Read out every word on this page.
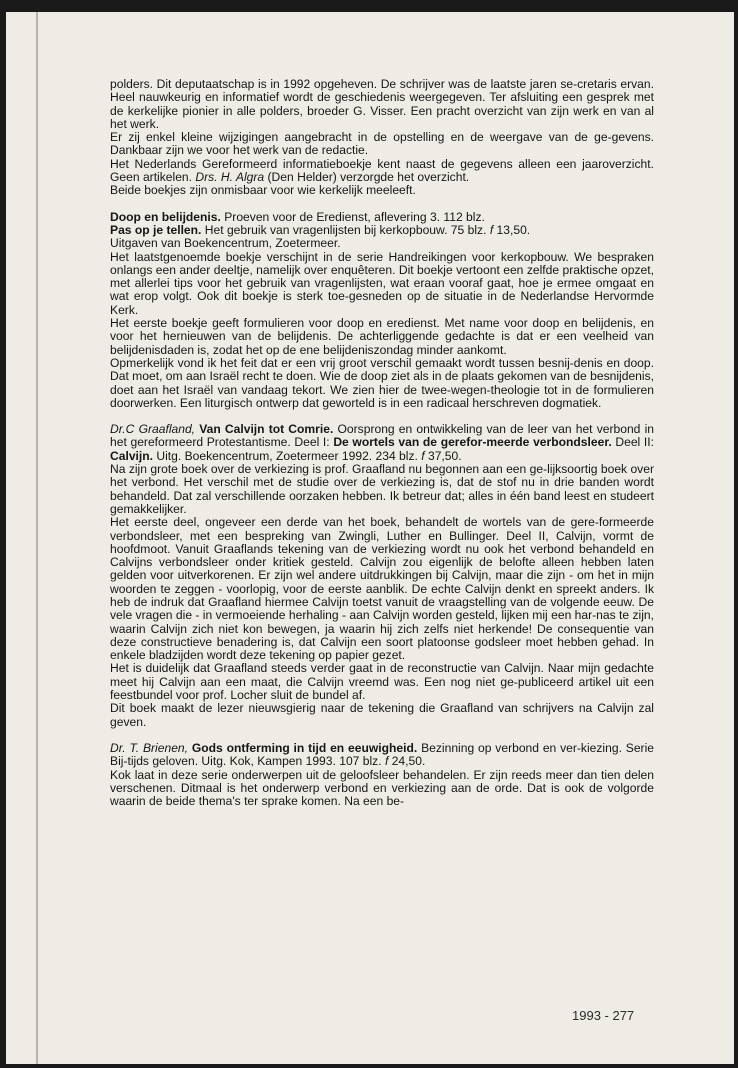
polders. Dit deputaatschap is in 1992 opgeheven. De schrijver was de laatste jaren se-cretaris ervan. Heel nauwkeurig en informatief wordt de geschiedenis weergegeven. Ter afsluiting een gesprek met de kerkelijke pionier in alle polders, broeder G. Visser. Een pracht overzicht van zijn werk en van al het werk.

Er zij enkel kleine wijzigingen aangebracht in de opstelling en de weergave van de ge-gevens. Dankbaar zijn we voor het werk van de redactie.

Het Nederlands Gereformeerd informatieboekje kent naast de gegevens alleen een jaaroverzicht. Geen artikelen. Drs. H. Algra (Den Helder) verzorgde het overzicht.

Beide boekjes zijn onmisbaar voor wie kerkelijk meeleeft.

Doop en belijdenis. Proeven voor de Eredienst, aflevering 3. 112 blz.

Pas op je tellen. Het gebruik van vragenlijsten bij kerkopbouw. 75 blz. f 13,50.

Uitgaven van Boekencentrum, Zoetermeer.

Het laatstgenoemde boekje verschijnt in de serie Handreikingen voor kerkopbouw. We bespraken onlangs een ander deeltje, namelijk over enquêteren. Dit boekje vertoont een zelfde praktische opzet, met allerlei tips voor het gebruik van vragenlijsten, wat eraan vooraf gaat, hoe je ermee omgaat en wat erop volgt. Ook dit boekje is sterk toe-gesneden op de situatie in de Nederlandse Hervormde Kerk.

Het eerste boekje geeft formulieren voor doop en eredienst. Met name voor doop en belijdenis, en voor het hernieuwen van de belijdenis. De achterliggende gedachte is dat er een veelheid van belijdenisdaden is, zodat het op de ene belijdeniszondag minder aankomt.

Opmerkelijk vond ik het feit dat er een vrij groot verschil gemaakt wordt tussen besnij-denis en doop. Dat moet, om aan Israël recht te doen. Wie de doop ziet als in de plaats gekomen van de besnijdenis, doet aan het Israël van vandaag tekort. We zien hier de twee-wegen-theologie tot in de formulieren doorwerken. Een liturgisch ontwerp dat geworteld is in een radicaal herschreven dogmatiek.

Dr.C Graafland, Van Calvijn tot Comrie. Oorsprong en ontwikkeling van de leer van het verbond in het gereformeerd Protestantisme. Deel I: De wortels van de gerefor-meerde verbondsleer. Deel II: Calvijn. Uitg. Boekencentrum, Zoetermeer 1992. 234 blz. f 37,50.

Na zijn grote boek over de verkiezing is prof. Graafland nu begonnen aan een ge-lijksoortig boek over het verbond. Het verschil met de studie over de verkiezing is, dat de stof nu in drie banden wordt behandeld. Dat zal verschillende oorzaken hebben. Ik betreur dat; alles in één band leest en studeert gemakkelijker.

Het eerste deel, ongeveer een derde van het boek, behandelt de wortels van de gere-formeerde verbondsleer, met een bespreking van Zwingli, Luther en Bullinger. Deel II, Calvijn, vormt de hoofdmoot. Vanuit Graaflands tekening van de verkiezing wordt nu ook het verbond behandeld en Calvijns verbondsleer onder kritiek gesteld. Calvijn zou eigenlijk de belofte alleen hebben laten gelden voor uitverkorenen. Er zijn wel andere uitdrukkingen bij Calvijn, maar die zijn - om het in mijn woorden te zeggen - voorlopig, voor de eerste aanblik. De echte Calvijn denkt en spreekt anders. Ik heb de indruk dat Graafland hiermee Calvijn toetst vanuit de vraagstelling van de volgende eeuw. De vele vragen die - in vermoeiende herhaling - aan Calvijn worden gesteld, lijken mij een har-nas te zijn, waarin Calvijn zich niet kon bewegen, ja waarin hij zich zelfs niet herkende! De consequentie van deze constructieve benadering is, dat Calvijn een soort platoonse godsleer moet hebben gehad. In enkele bladzijden wordt deze tekening op papier gezet.

Het is duidelijk dat Graafland steeds verder gaat in de reconstructie van Calvijn. Naar mijn gedachte meet hij Calvijn aan een maat, die Calvijn vreemd was. Een nog niet ge-publiceerd artikel uit een feestbundel voor prof. Locher sluit de bundel af.

Dit boek maakt de lezer nieuwsgierig naar de tekening die Graafland van schrijvers na Calvijn zal geven.

Dr. T. Brienen, Gods ontferming in tijd en eeuwigheid. Bezinning op verbond en ver-kiezing. Serie Bij-tijds geloven. Uitg. Kok, Kampen 1993. 107 blz. f 24,50.

Kok laat in deze serie onderwerpen uit de geloofsleer behandelen. Er zijn reeds meer dan tien delen verschenen. Ditmaal is het onderwerp verbond en verkiezing aan de orde. Dat is ook de volgorde waarin de beide thema's ter sprake komen. Na een be-

1993 - 277
